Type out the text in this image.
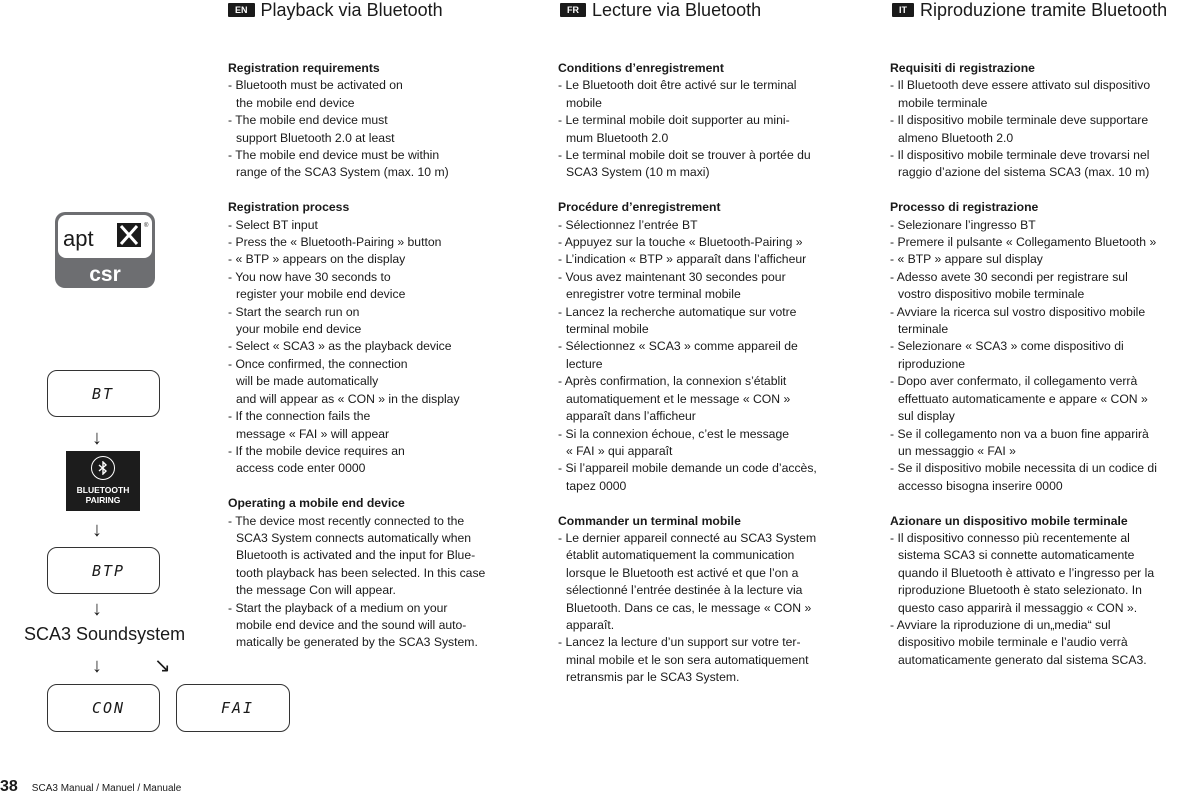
EN Playback via Bluetooth	FR Lecture via Bluetooth	IT Riproduzione tramite Bluetooth

Registration requirements

- Bluetooth must be activated on
the mobile end device

- The mobile end device must
support Bluetooth 2.0 at least

- The mobile end device must be within
range of the SCA3 System (max. 10 m)

Registration process

- Select BT input

- Press the « Bluetooth-Pairing » button

- « BTP » appears on the display

- You now have 30 seconds to
register your mobile end device

- Start the search run on
your mobile end device

- Select « SCA3 » as the playback device

- Once confirmed, the connection
will be made automatically
and will appear as « CON » in the display

- If the connection fails the
message « FAI » will appear

- If the mobile device requires an
access code enter 0000

Operating a mobile end device

- The device most recently connected to the
SCA3 System connects automatically when
Bluetooth is activated and the input for Blue-
tooth playback has been selected. In this case
the message Con will appear.

- Start the playback of a medium on your
mobile end device and the sound will auto-
matically be generated by the SCA3 System.

Conditions d’enregistrement

- Le Bluetooth doit être activé sur le terminal
mobile

- Le terminal mobile doit supporter au mini-
mum Bluetooth 2.0

- Le terminal mobile doit se trouver à portée du
SCA3 System (10 m maxi)

Procédure d’enregistrement

- Sélectionnez l’entrée BT

- Appuyez sur la touche « Bluetooth-Pairing »

- L’indication « BTP » apparaît dans l’afficheur

- Vous avez maintenant 30 secondes pour
enregistrer votre terminal mobile

- Lancez la recherche automatique sur votre
terminal mobile

- Sélectionnez « SCA3 » comme appareil de
lecture

- Après confirmation, la connexion s’établit
automatiquement et le message « CON »
apparaît dans l’afficheur

- Si la connexion échoue, c’est le message
« FAI » qui apparaît

- Si l’appareil mobile demande un code d’accès,
tapez 0000

Commander un terminal mobile

- Le dernier appareil connecté au SCA3 System
établit automatiquement la communication
lorsque le Bluetooth est activé et que l’on a
sélectionné l’entrée destinée à la lecture via
Bluetooth. Dans ce cas, le message « CON »
apparaît.

- Lancez la lecture d’un support sur votre ter-
minal mobile et le son sera automatiquement
retransmis par le SCA3 System.

Requisiti di registrazione

- Il Bluetooth deve essere attivato sul dispositivo
mobile terminale

- Il dispositivo mobile terminale deve supportare
almeno Bluetooth 2.0

- Il dispositivo mobile terminale deve trovarsi nel
raggio d’azione del sistema SCA3 (max. 10 m)

Processo di registrazione

- Selezionare l’ingresso BT

- Premere il pulsante « Collegamento Bluetooth »

- « BTP » appare sul display

- Adesso avete 30 secondi per registrare sul
vostro dispositivo mobile terminale

- Avviare la ricerca sul vostro dispositivo mobile
terminale

- Selezionare « SCA3 » come dispositivo di
riproduzione

- Dopo aver confermato, il collegamento verrà
effettuato automaticamente e appare « CON »
sul display

- Se il collegamento non va a buon fine apparirà
un messaggio « FAI »

- Se il dispositivo mobile necessita di un codice di
accesso bisogna inserire 0000

Azionare un dispositivo mobile terminale

- Il dispositivo connesso più recentemente al
sistema SCA3 si connette automaticamente
quando il Bluetooth è attivato e l’ingresso per la
riproduzione Bluetooth è stato selezionato. In
questo caso apparirà il messaggio « CON ».

- Avviare la riproduzione di un„media“ sul
dispositivo mobile terminale e l’audio verrà
automaticamente generato dal sistema SCA3.

apt	®
csr
BT
↓
BLUETOOTH
PAIRING
↓
BTP
↓
SCA3 Soundsystem
↓	↘
CON	FAI
38 SCA3 Manual / Manuel / Manuale
